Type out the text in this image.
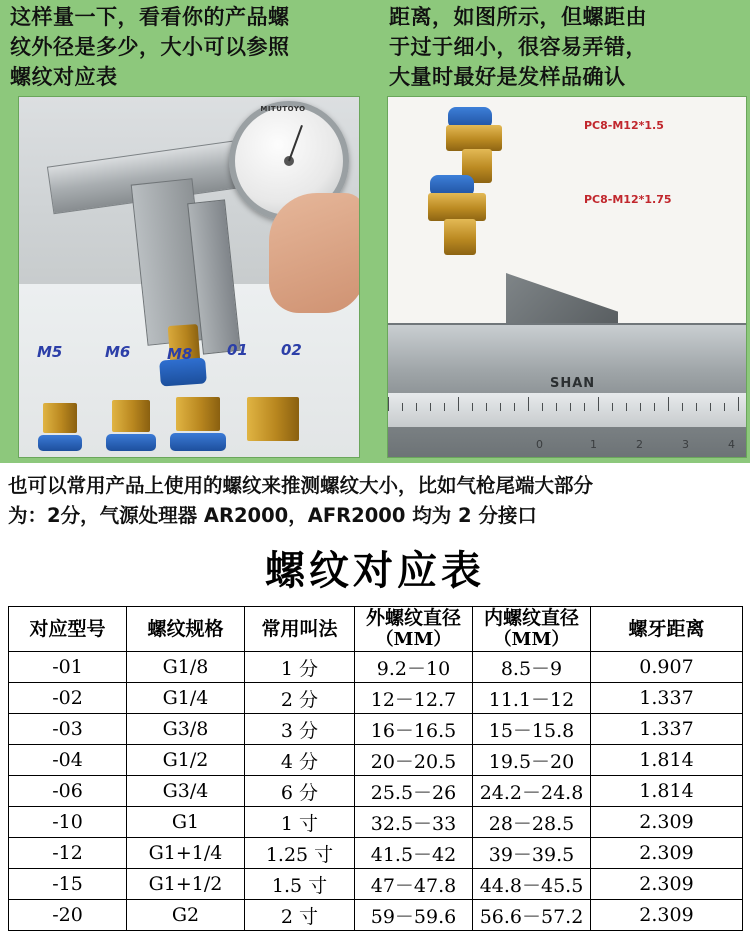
这样量一下，看看你的产品螺
纹外径是多少，大小可以参照
螺纹对应表
MITUTOYO
M5	M6 M8 01 02
距离，如图所示，但螺距由
于过于细小，很容易弄错，
大量时最好是发样品确认
PC8-M12*1.5
PC8-M12*1.75
SHAN
0	1	2	3	4

也可以常用产品上使用的螺纹来推测螺纹大小，比如气枪尾端大部分

为：2分，气源处理器 AR2000，AFR2000 均为 2 分接口

螺纹对应表
对应型号	螺纹规格	常用叫法	外螺纹直径
（MM）	内螺纹直径
（MM）	螺牙距离
-01	G1/8	1 分	9.2－10	8.5－9	0.907
-02	G1/4	2 分	12－12.7	11.1－12	1.337
-03	G3/8	3 分	16－16.5	15－15.8	1.337
-04	G1/2	4 分	20－20.5	19.5－20	1.814
-06	G3/4	6 分	25.5－26	24.2－24.8	1.814
-10	G1	1 寸	32.5－33	28－28.5	2.309
-12	G1+1/4	1.25 寸	41.5－42	39－39.5	2.309
-15	G1+1/2	1.5 寸	47－47.8	44.8－45.5	2.309
-20	G2	2 寸	59－59.6	56.6－57.2	2.309
